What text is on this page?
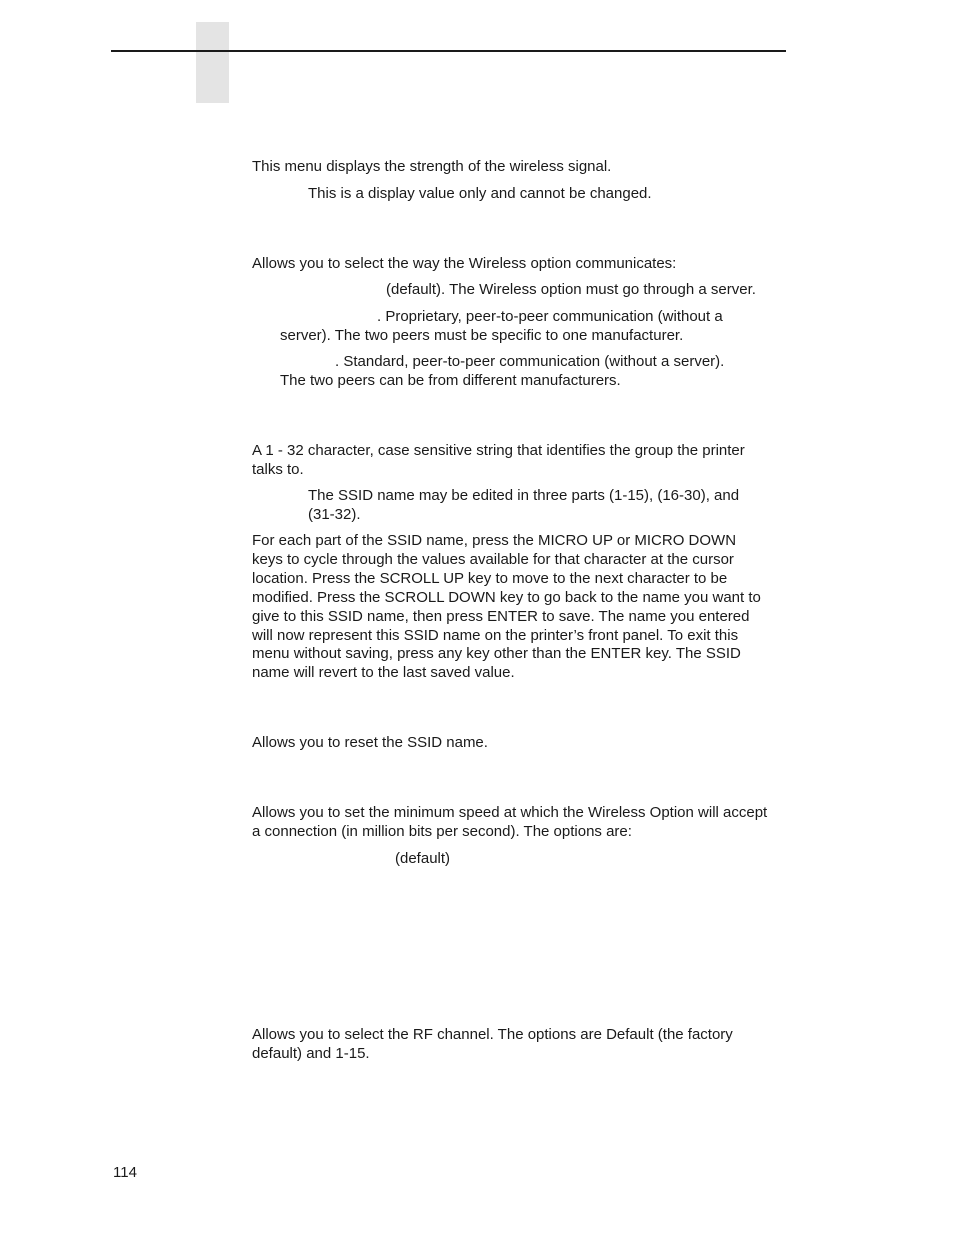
This menu displays the strength of the wireless signal.

This is a display value only and cannot be changed.

Allows you to select the way the Wireless option communicates:

(default). The Wireless option must go through a server.

. Proprietary, peer-to-peer communication (without a

server). The two peers must be specific to one manufacturer.

. Standard, peer-to-peer communication (without a server).

The two peers can be from different manufacturers.

A 1 - 32 character, case sensitive string that identifies the group the printer

talks to.

The SSID name may be edited in three parts (1-15), (16-30), and

(31-32).

For each part of the SSID name, press the MICRO UP or MICRO DOWN

keys to cycle through the values available for that character at the cursor

location. Press the SCROLL UP key to move to the next character to be

modified. Press the SCROLL DOWN key to go back to the name you want to

give to this SSID name, then press ENTER to save. The name you entered

will now represent this SSID name on the printer’s front panel. To exit this

menu without saving, press any key other than the ENTER key. The SSID

name will revert to the last saved value.

Allows you to reset the SSID name.

Allows you to set the minimum speed at which the Wireless Option will accept

a connection (in million bits per second). The options are:

(default)

Allows you to select the RF channel. The options are Default (the factory

default) and 1-15.

114
